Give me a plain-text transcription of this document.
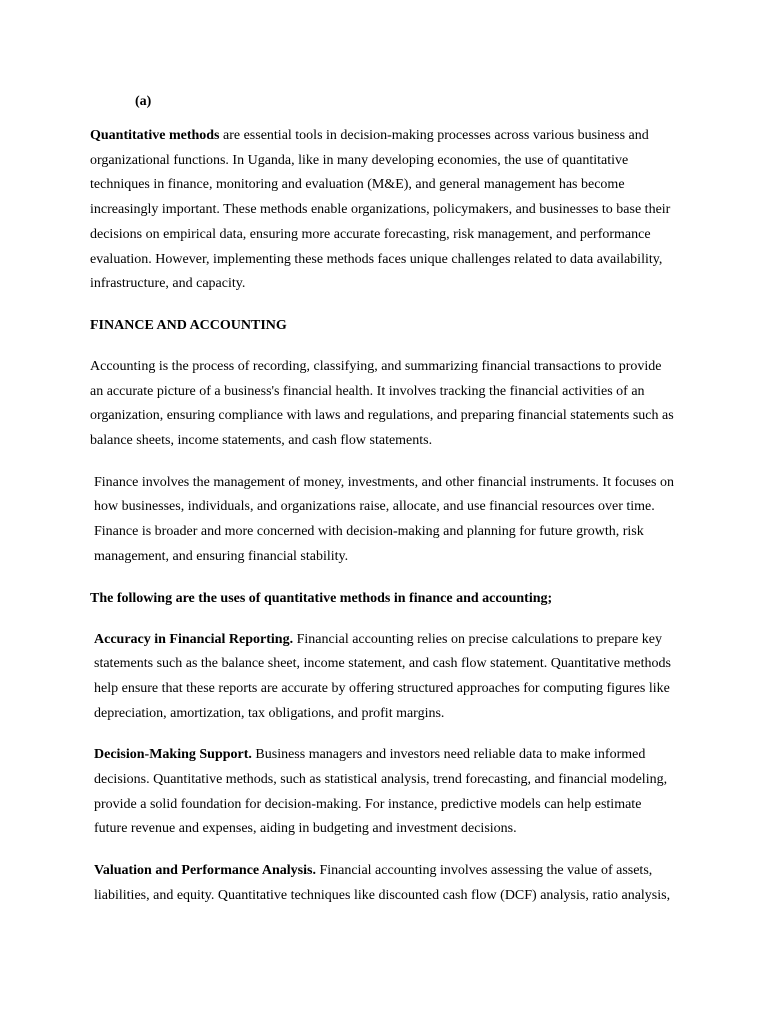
(a)

Quantitative methods are essential tools in decision-making processes across various business and organizational functions. In Uganda, like in many developing economies, the use of quantitative techniques in finance, monitoring and evaluation (M&E), and general management has become increasingly important. These methods enable organizations, policymakers, and businesses to base their decisions on empirical data, ensuring more accurate forecasting, risk management, and performance evaluation. However, implementing these methods faces unique challenges related to data availability, infrastructure, and capacity.

FINANCE AND ACCOUNTING

Accounting is the process of recording, classifying, and summarizing financial transactions to provide an accurate picture of a business's financial health. It involves tracking the financial activities of an organization, ensuring compliance with laws and regulations, and preparing financial statements such as balance sheets, income statements, and cash flow statements.

Finance involves the management of money, investments, and other financial instruments. It focuses on how businesses, individuals, and organizations raise, allocate, and use financial resources over time. Finance is broader and more concerned with decision-making and planning for future growth, risk management, and ensuring financial stability.

The following are the uses of quantitative methods in finance and accounting;

Accuracy in Financial Reporting. Financial accounting relies on precise calculations to prepare key statements such as the balance sheet, income statement, and cash flow statement. Quantitative methods help ensure that these reports are accurate by offering structured approaches for computing figures like depreciation, amortization, tax obligations, and profit margins.

Decision-Making Support. Business managers and investors need reliable data to make informed decisions. Quantitative methods, such as statistical analysis, trend forecasting, and financial modeling, provide a solid foundation for decision-making. For instance, predictive models can help estimate future revenue and expenses, aiding in budgeting and investment decisions.

Valuation and Performance Analysis. Financial accounting involves assessing the value of assets, liabilities, and equity. Quantitative techniques like discounted cash flow (DCF) analysis, ratio analysis,
